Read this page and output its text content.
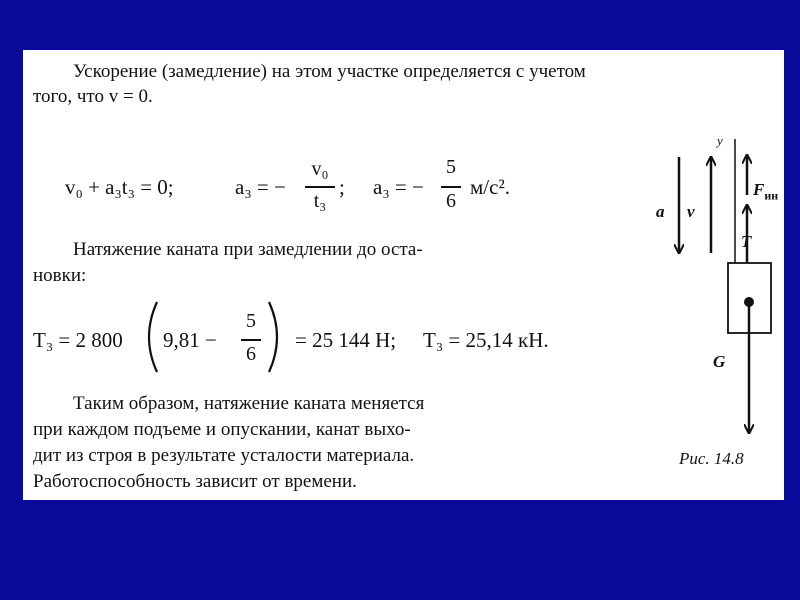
Ускорение (замедление) на этом участке определяется с учетом
того, что v = 0.
v₀ + a₃t₃ = 0;	a₃ = −
v₀
t₃
; a₃ = −
5
6
м/с².
Натяжение каната при замедлении до оста-
новки:
T₃ = 2 800 9,81 −
5
6
= 25 144 Н; T₃ = 25,14 кН.
Таким образом, натяжение каната меняется
при каждом подъеме и опускании, канат выхо-
дит из строя в результате усталости материала.
Работоспособность зависит от времени.
y
a v
$F_{ин}$
T
G
Рис. 14.8
